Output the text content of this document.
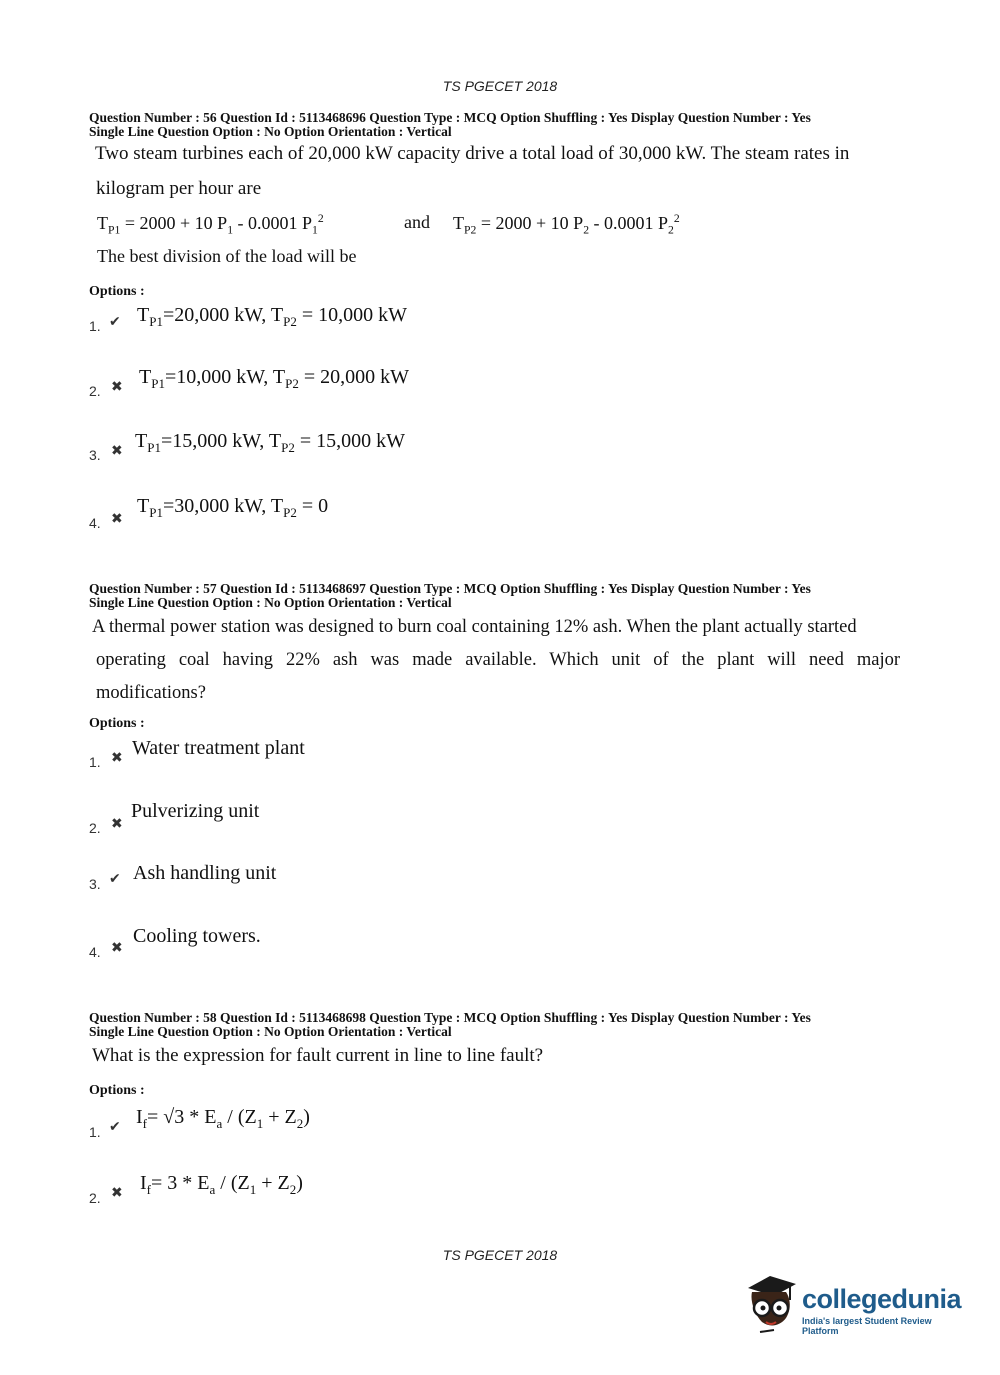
TS PGECET 2018
Question Number : 56 Question Id : 5113468696 Question Type : MCQ Option Shuffling : Yes Display Question Number : Yes
Single Line Question Option : No Option Orientation : Vertical
Two steam turbines each of 20,000 kW capacity drive a total load of 30,000 kW. The steam rates in
kilogram per hour are
$T_{P1} = 2000 + 10$ $P_1 - 0.0001$ $P_1^2$	and $T_{P2} = 2000 + 10$ $P_2 - 0.0001$ $P_2^2$
The best division of the load will be
Options :
1. ✔ $T_{P1}=20,000$ kW, $T_{P2} = 10,000$ kW
2. ✖ $T_{P1}=10,000$ kW, $T_{P2} = 20,000$ kW
3. ✖ $T_{P1}=15,000$ kW, $T_{P2} = 15,000$ kW
4. ✖
$T_{P1}=30,000$ kW, $T_{P2} = 0$
Question Number : 57 Question Id : 5113468697 Question Type : MCQ Option Shuffling : Yes Display Question Number : Yes
Single Line Question Option : No Option Orientation : Vertical
A thermal power station was designed to burn coal containing 12% ash. When the plant actually started
operating coal having 22% ash was made available. Which unit of the plant will need major
modifications?
Options :
1. ✖ Water treatment plant
2. ✖
Pulverizing unit
3. ✔ Ash handling unit
4. ✖
Cooling towers.
Question Number : 58 Question Id : 5113468698 Question Type : MCQ Option Shuffling : Yes Display Question Number : Yes
Single Line Question Option : No Option Orientation : Vertical
What is the expression for fault current in line to line fault?
Options :
1. ✔ $I_f= √3 * E_a / (Z_1 + Z_2)$
2. ✖ $I_f= 3 * E_a / (Z_1 + Z_2)$
TS PGECET 2018
collegedunia
India's largest Student Review Platform
